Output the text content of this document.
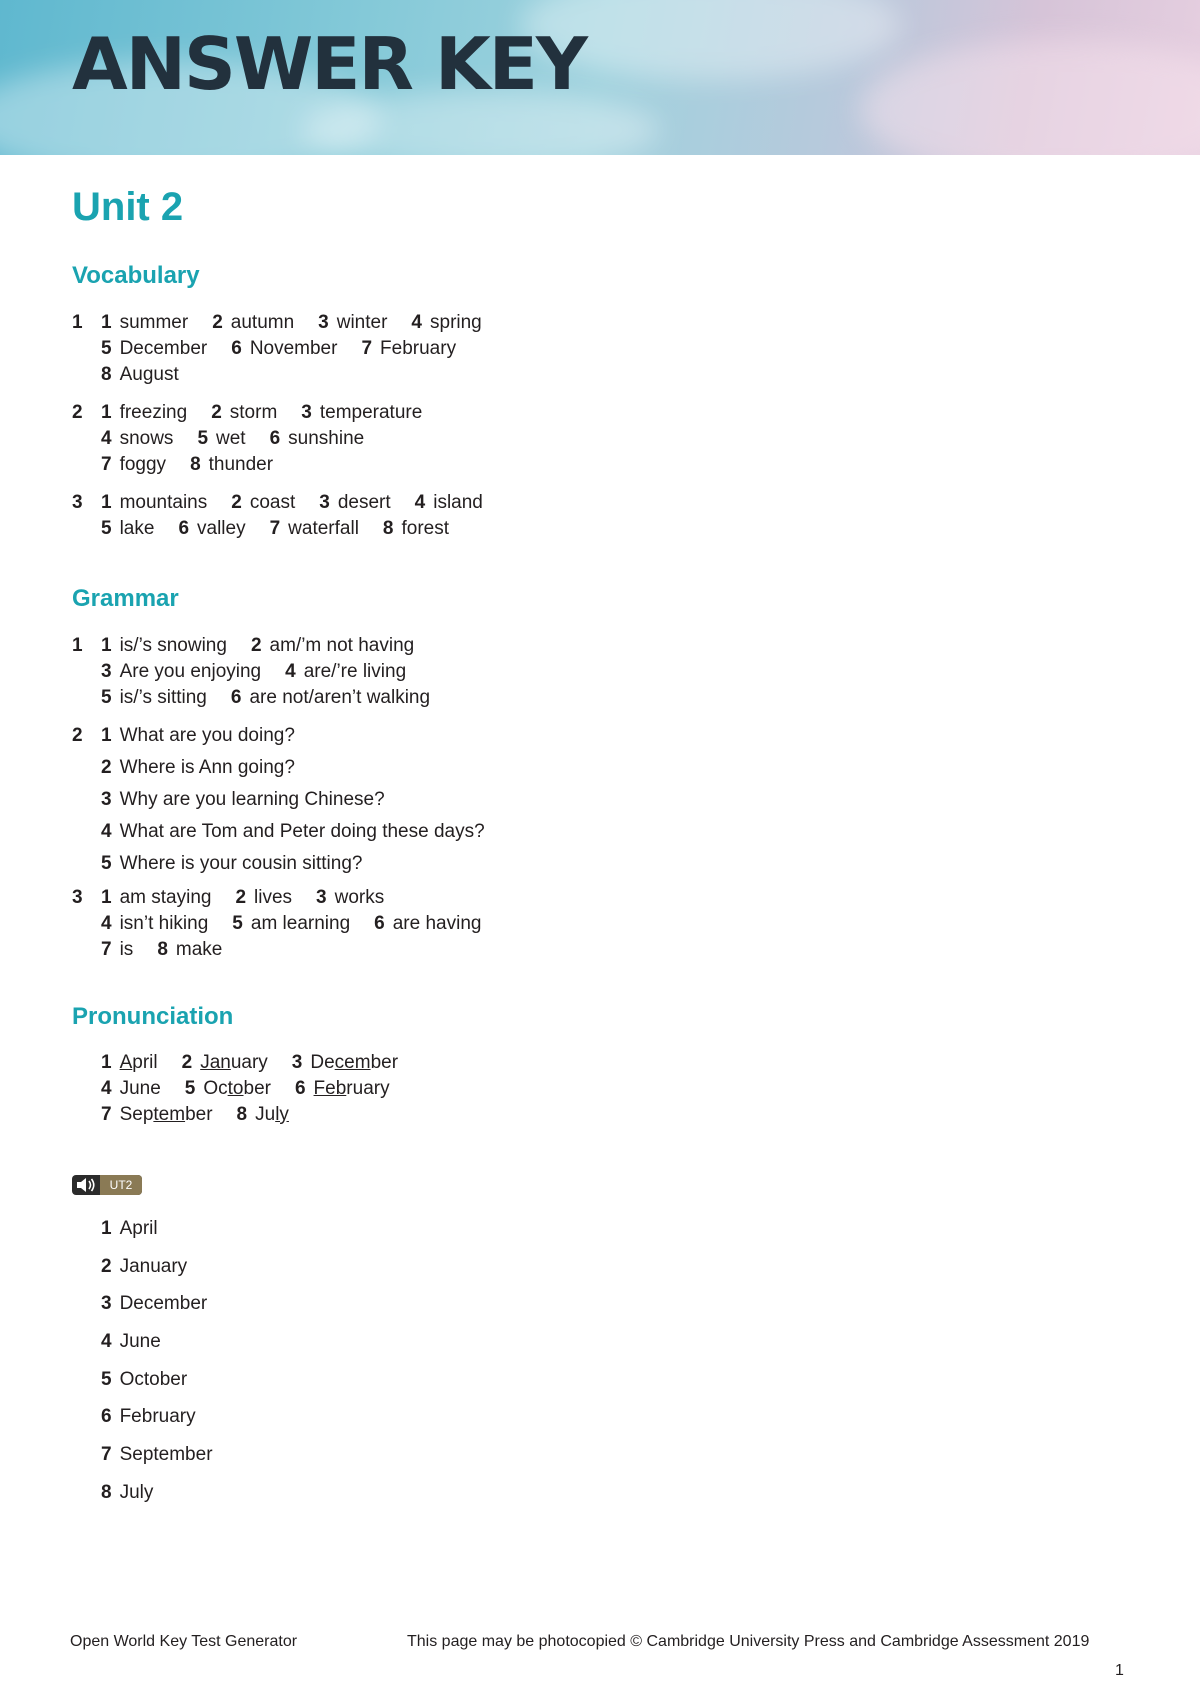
ANSWER KEY
Unit 2
Vocabulary
1 1 summer 2 autumn 3 winter 4 spring
5 December 6 November 7 February
8 August
2 1 freezing 2 storm 3 temperature
4 snows 5 wet 6 sunshine
7 foggy 8 thunder
3 1 mountains 2 coast 3 desert 4 island
5 lake 6 valley 7 waterfall 8 forest
Grammar
1 1 is/’s snowing 2 am/’m not having
3 Are you enjoying 4 are/’re living
5 is/’s sitting 6 are not/aren’t walking
2 1 What are you doing?
2 Where is Ann going?
3 Why are you learning Chinese?
4 What are Tom and Peter doing these days?
5 Where is your cousin sitting?
3 1 am staying 2 lives 3 works
4 isn’t hiking 5 am learning 6 are having
7 is 8 make
Pronunciation
1 April 2 January 3 December
4 June 5 October 6 February
7 September 8 July
UT2
1 April
2 January
3 December
4 June
5 October
6 February
7 September
8 July
Open World Key Test Generator	This page may be photocopied © Cambridge University Press and Cambridge Assessment 2019
1
